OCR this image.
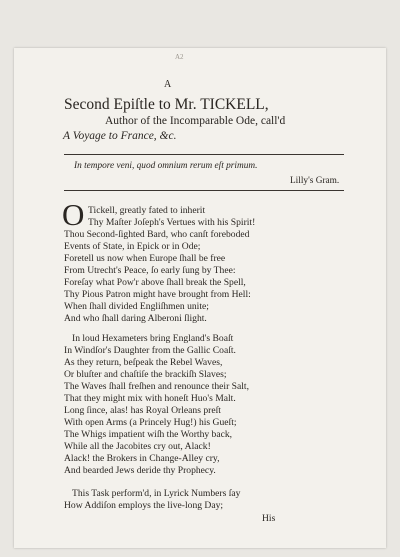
A2
A
Second Epiſtle to Mr. TICKELL,
Author of the Incomparable Ode, call'd
A Voyage to France, &c.
In tempore veni, quod omnium rerum eſt primum.
Lilly's Gram.
O Tickell, greatly fated to inherit
Thy Maſter Joſeph's Vertues with his Spirit!
Thou Second-ſighted Bard, who canſt foreboded
Events of State, in Epick or in Ode;
Foretell us now when Europe ſhall be free
From Utrecht's Peace, ſo early ſung by Thee:
Foreſay what Pow'r above ſhall break the Spell,
Thy Pious Patron might have brought from Hell:
When ſhall divided Engliſhmen unite;
And who ſhall daring Alberoni ſlight.
In loud Hexameters bring England's Boaſt
In Windſor's Daughter from the Gallic Coaſt.
As they return, beſpeak the Rebel Waves,
Or bluſter and chaſtiſe the brackiſh Slaves;
The Waves ſhall freſhen and renounce their Salt,
That they might mix with honeſt Huo's Malt.
Long ſince, alas! has Royal Orleans preſt
With open Arms (a Princely Hug!) his Gueſt;
The Whigs impatient wiſh the Worthy back,
While all the Jacobites cry out, Alack!
Alack! the Brokers in Change-Alley cry,
And bearded Jews deride thy Prophecy.
This Task perform'd, in Lyrick Numbers ſay
How Addiſon employs the live-long Day;
His
